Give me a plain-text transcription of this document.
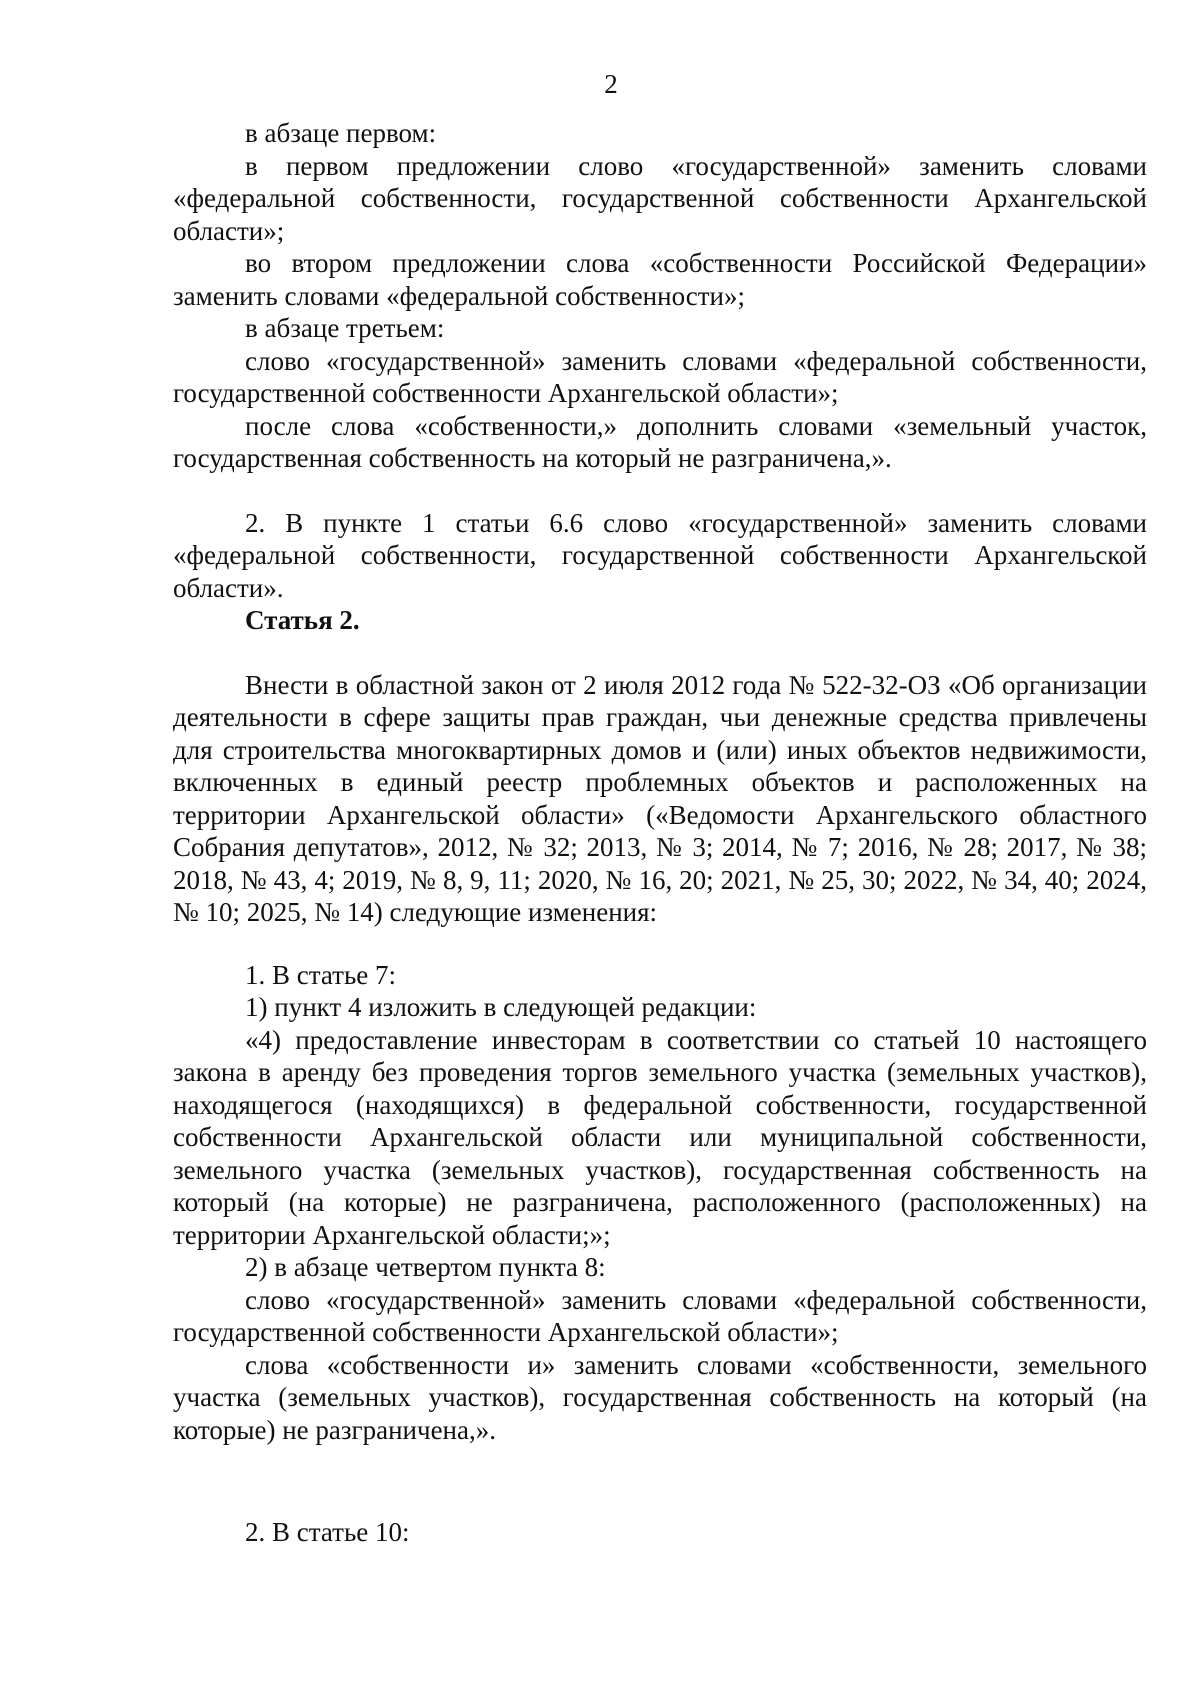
2

в абзаце первом:

в первом предложении слово «государственной» заменить словами «федеральной собственности, государственной собственности Архангельской области»;

во втором предложении слова «собственности Российской Федерации» заменить словами «федеральной собственности»;

в абзаце третьем:

слово «государственной» заменить словами «федеральной собственности, государственной собственности Архангельской области»;

после слова «собственности,» дополнить словами «земельный участок, государственная собственность на который не разграничена,».

2. В пункте 1 статьи 6.6 слово «государственной» заменить словами «федеральной собственности, государственной собственности Архангельской области».

Статья 2.

Внести в областной закон от 2 июля 2012 года № 522-32-ОЗ «Об организации деятельности в сфере защиты прав граждан, чьи денежные средства привлечены для строительства многоквартирных домов и (или) иных объектов недвижимости, включенных в единый реестр проблемных объектов и расположенных на территории Архангельской области» («Ведомости Архангельского областного Собрания депутатов», 2012, № 32; 2013, № 3; 2014, № 7; 2016, № 28; 2017, № 38; 2018, № 43, 4; 2019, № 8, 9, 11; 2020, № 16, 20; 2021, № 25, 30; 2022, № 34, 40; 2024, № 10; 2025, № 14) следующие изменения:

1. В статье 7:

1) пункт 4 изложить в следующей редакции:

«4) предоставление инвесторам в соответствии со статьей 10 настоящего закона в аренду без проведения торгов земельного участка (земельных участков), находящегося (находящихся) в федеральной собственности, государственной собственности Архангельской области или муниципальной собственности, земельного участка (земельных участков), государственная собственность на который (на которые) не разграничена, расположенного (расположенных) на территории Архангельской области;»;

2) в абзаце четвертом пункта 8:

слово «государственной» заменить словами «федеральной собственности, государственной собственности Архангельской области»;

слова «собственности и» заменить словами «собственности, земельного участка (земельных участков), государственная собственность на который (на которые) не разграничена,».

2. В статье 10:
